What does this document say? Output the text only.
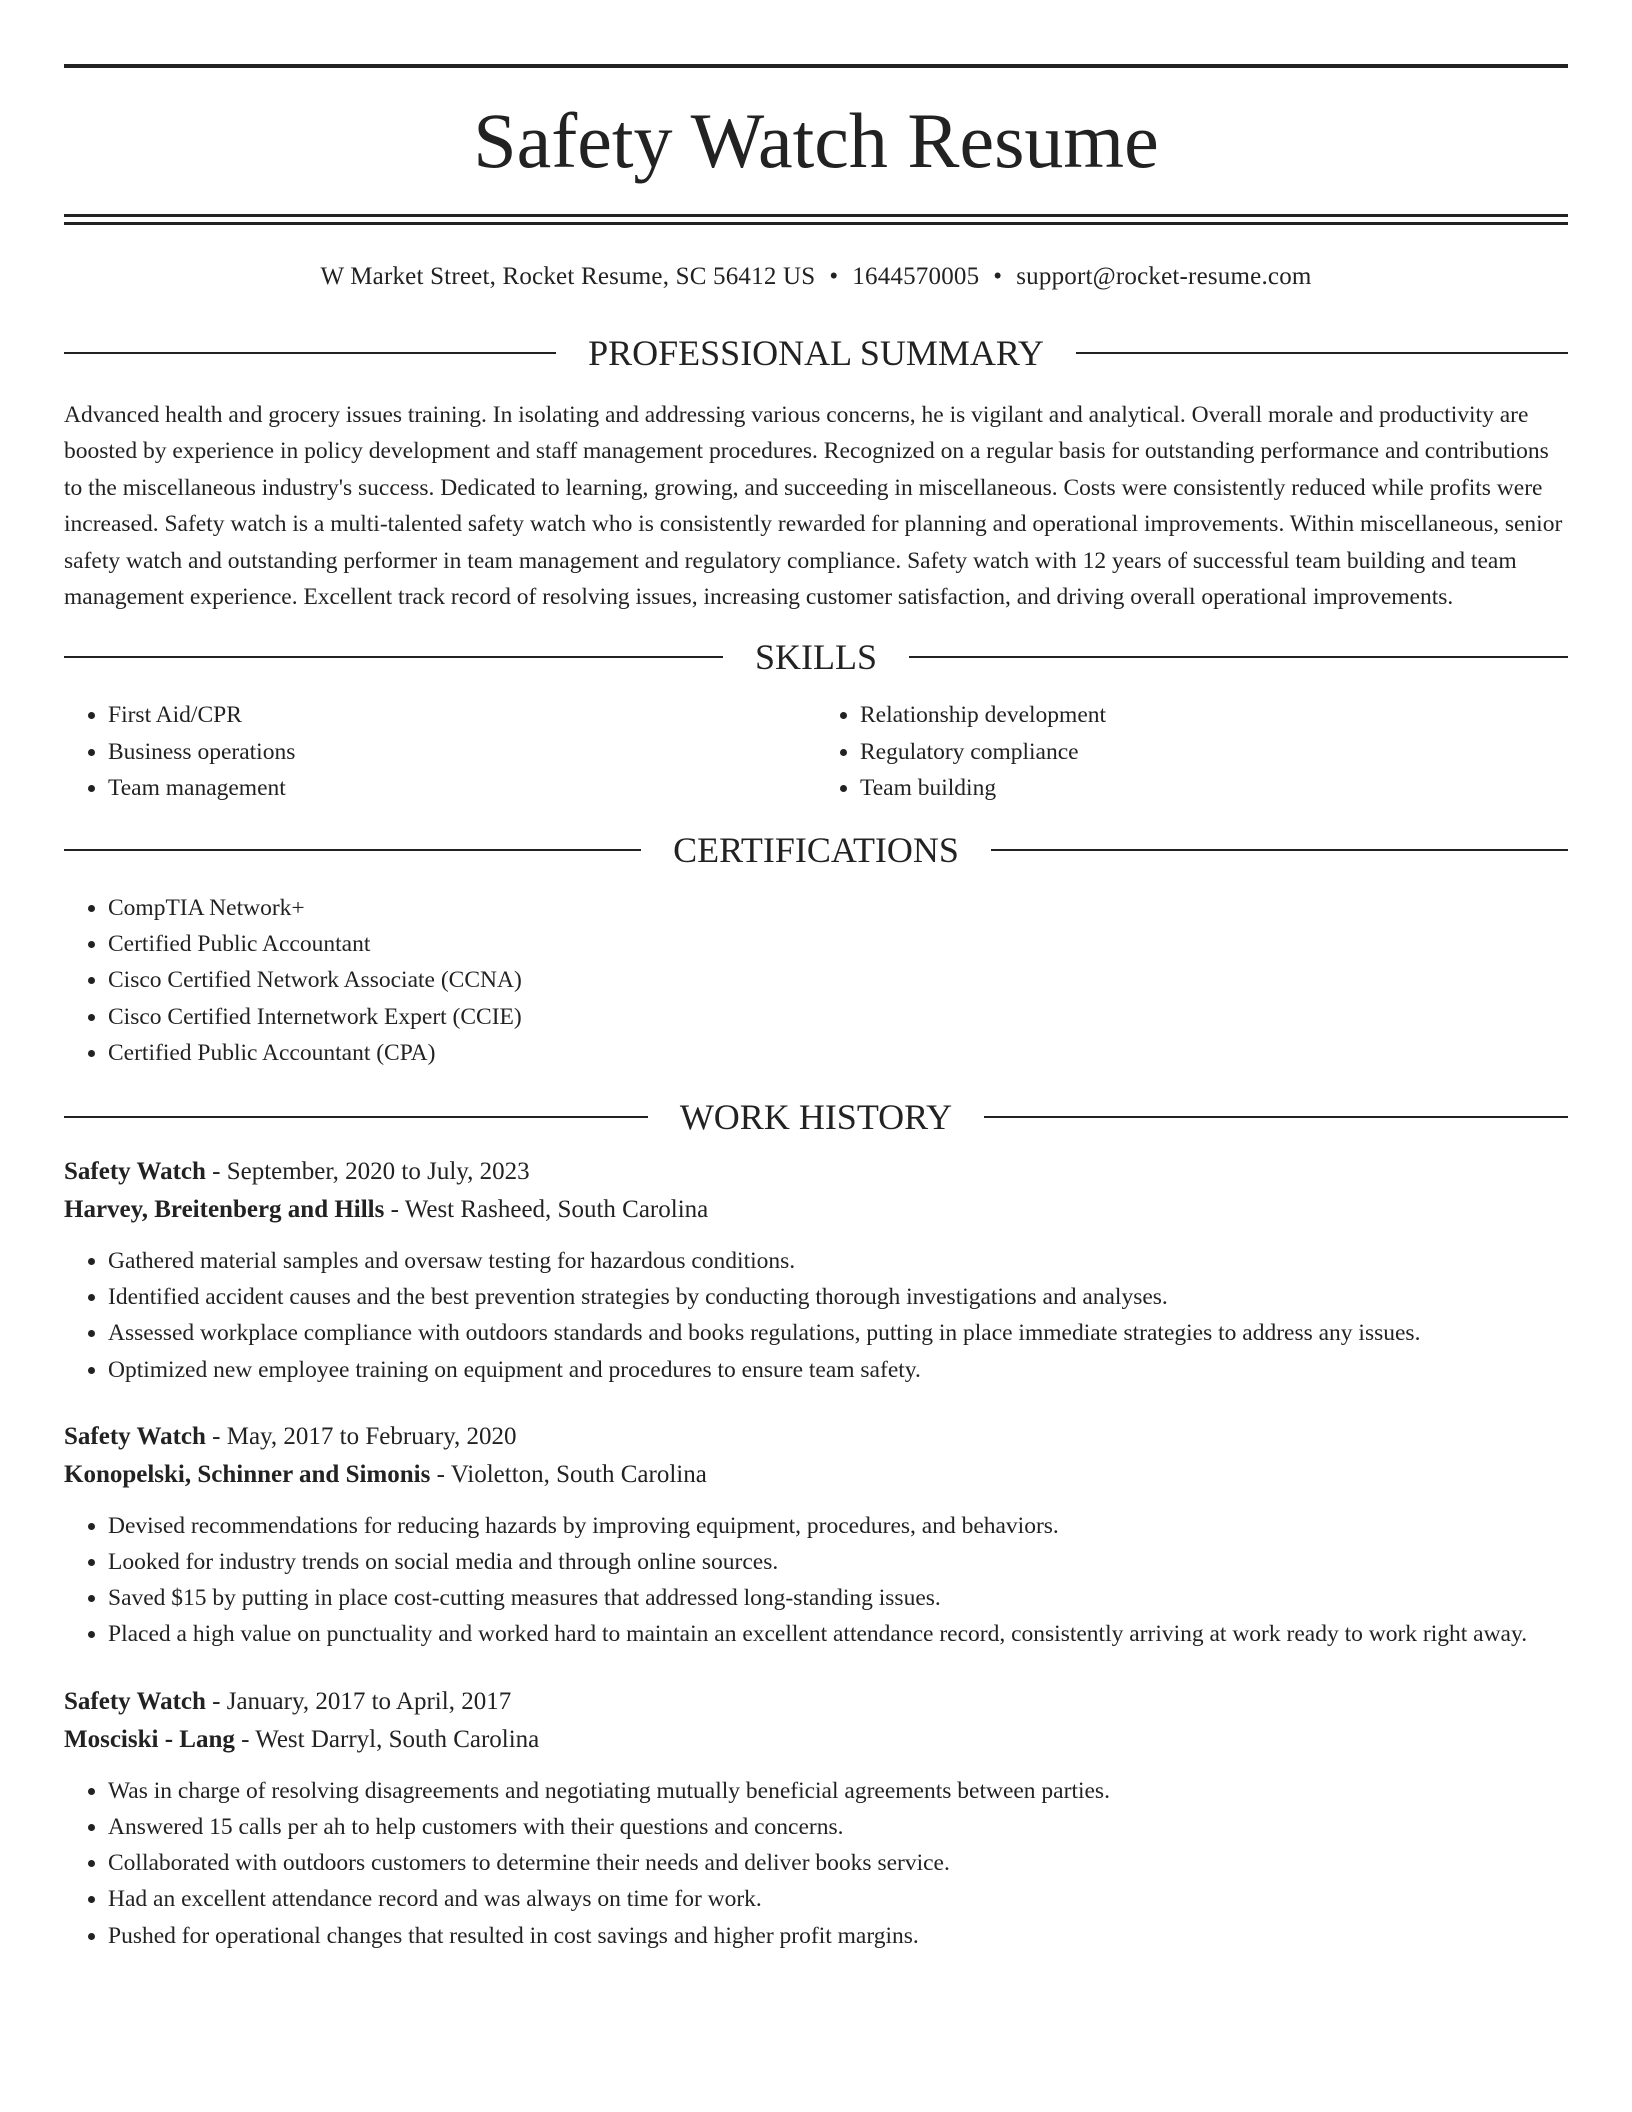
Safety Watch Resume
W Market Street, Rocket Resume, SC 56412 US • 1644570005 • support@rocket-resume.com
PROFESSIONAL SUMMARY

Advanced health and grocery issues training. In isolating and addressing various concerns, he is vigilant and analytical. Overall morale and productivity are boosted by experience in policy development and staff management procedures. Recognized on a regular basis for outstanding performance and contributions to the miscellaneous industry's success. Dedicated to learning, growing, and succeeding in miscellaneous. Costs were consistently reduced while profits were increased. Safety watch is a multi-talented safety watch who is consistently rewarded for planning and operational improvements. Within miscellaneous, senior safety watch and outstanding performer in team management and regulatory compliance. Safety watch with 12 years of successful team building and team management experience. Excellent track record of resolving issues, increasing customer satisfaction, and driving overall operational improvements.

SKILLS
• First Aid/CPR
• Business operations
• Team management
• Relationship development
• Regulatory compliance
• Team building
CERTIFICATIONS
• CompTIA Network+
• Certified Public Accountant
• Cisco Certified Network Associate (CCNA)
• Cisco Certified Internetwork Expert (CCIE)
• Certified Public Accountant (CPA)
WORK HISTORY
Safety Watch - September, 2020 to July, 2023
Harvey, Breitenberg and Hills - West Rasheed, South Carolina
• Gathered material samples and oversaw testing for hazardous conditions.
• Identified accident causes and the best prevention strategies by conducting thorough investigations and analyses.
• Assessed workplace compliance with outdoors standards and books regulations, putting in place immediate strategies to address any issues.
• Optimized new employee training on equipment and procedures to ensure team safety.
Safety Watch - May, 2017 to February, 2020
Konopelski, Schinner and Simonis - Violetton, South Carolina
• Devised recommendations for reducing hazards by improving equipment, procedures, and behaviors.
• Looked for industry trends on social media and through online sources.
• Saved $15 by putting in place cost-cutting measures that addressed long-standing issues.
• Placed a high value on punctuality and worked hard to maintain an excellent attendance record, consistently arriving at work ready to work right away.
Safety Watch - January, 2017 to April, 2017
Mosciski - Lang - West Darryl, South Carolina
• Was in charge of resolving disagreements and negotiating mutually beneficial agreements between parties.
• Answered 15 calls per ah to help customers with their questions and concerns.
• Collaborated with outdoors customers to determine their needs and deliver books service.
• Had an excellent attendance record and was always on time for work.
• Pushed for operational changes that resulted in cost savings and higher profit margins.
